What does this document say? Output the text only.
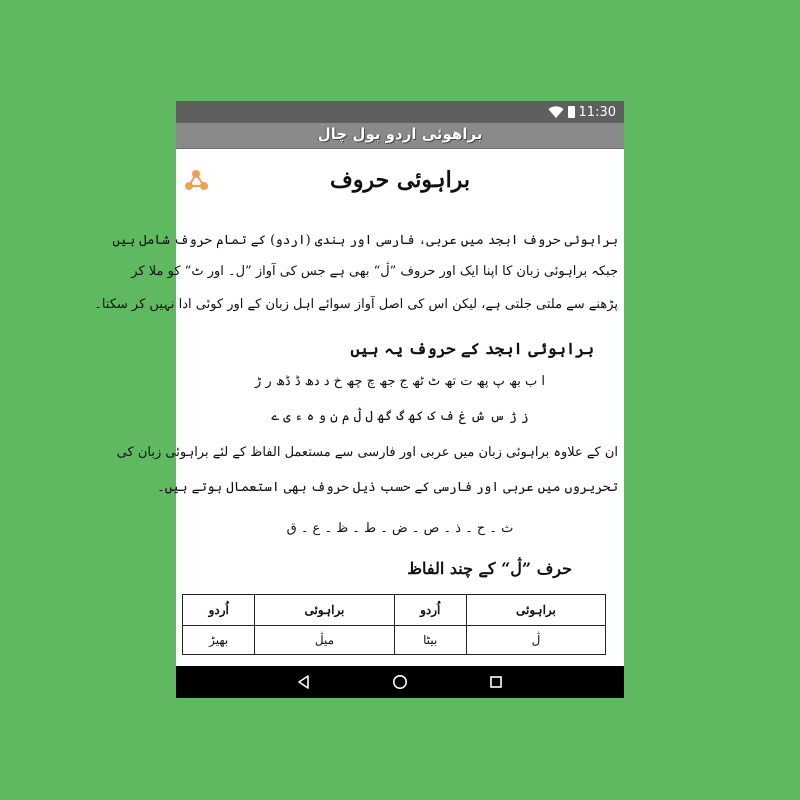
11:30
براھوئی اردو بول چال
براہوئی حروف
براہوئی حروف ابجد میں عربی، فارسی اور ہندی (اردو) کے تمام حروف شامل ہیں
جبکہ براہوئی زبان کا اپنا ایک اور حروف ”ڷ“ بھی ہے جس کی آواز ”ل۔ اور ٹ“ کو ملا کر
پڑھنے سے ملتی جلتی ہے، لیکن اس کی اصل آواز سوائے اہل زبان کے اور کوئی ادا نہیں کر سکتا۔
براہوئی ابجد کے حروف یہ ہیں
ا ب بھ پ پھ ت تھ ٹ ٹھ ج جھ چ چھ خ د دھ ڈ ڈھ ر ڑ
ز ژ س ش غ ف ک کھ گ گھ ل ڷ م ن و ہ ء ی ے
ان کے علاوہ براہوئی زبان میں عربی اور فارسی سے مستعمل الفاظ کے لئے براہوئی زبان کی
تحریروں میں عربی اور فارسی کے حسب ذیل حروف بھی استعمال ہوتے ہیں۔
ث ۔ ح ۔ ذ ۔ ص ۔ ض ۔ ط ۔ ظ ۔ ع ۔ ق
حرف ”ڷ“ کے چند الفاظ
براہوئی	اُردو	براہوئی	اُردو
ڷ	بیٹا	میڷ	بھیڑ
